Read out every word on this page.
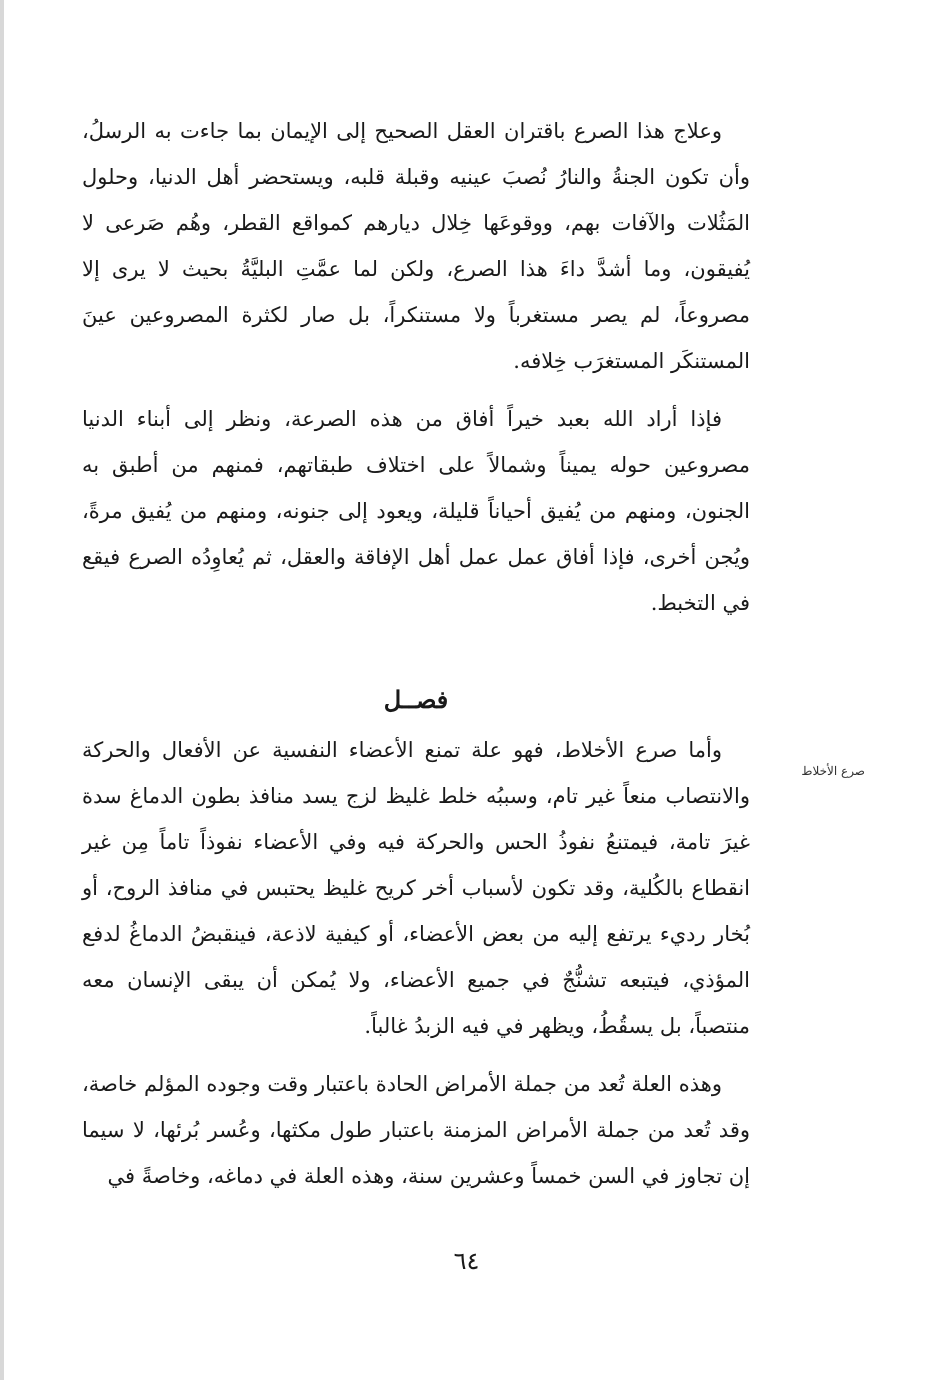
وعلاج هذا الصرع باقتران العقل الصحيح إلى الإيمان بما جاءت به الرسلُ، وأن تكون الجنةُ والنارُ نُصبَ عينيه وقبلة قلبه، ويستحضر أهل الدنيا، وحلول المَثُلات والآفات بهم، ووقوعَها خِلال ديارهم كمواقع القطر، وهُم صَرعى لا يُفيقون، وما أشدَّ داءَ هذا الصرع، ولكن لما عمَّتِ البليَّةُ بحيث لا يرى إلا مصروعاً، لم يصر مستغرباً ولا مستنكراً، بل صار لكثرة المصروعين عينَ المستنكَر المستغرَب خِلافه.

فإذا أراد الله بعبد خيراً أفاق من هذه الصرعة، ونظر إلى أبناء الدنيا مصروعين حوله يميناً وشمالاً على اختلاف طبقاتهم، فمنهم من أطبق به الجنون، ومنهم من يُفيق أحياناً قليلة، ويعود إلى جنونه، ومنهم من يُفيق مرةً، ويُجن أخرى، فإذا أفاق عمل عمل أهل الإفاقة والعقل، ثم يُعاوِدُه الصرع فيقع في التخبط.

فصــل
صرع الأخلاط

وأما صرع الأخلاط، فهو علة تمنع الأعضاء النفسية عن الأفعال والحركة والانتصاب منعاً غير تام، وسببُه خلط غليظ لزج يسد منافذ بطون الدماغ سدة غيرَ تامة، فيمتنعُ نفوذُ الحس والحركة فيه وفي الأعضاء نفوذاً تاماً مِن غير انقطاع بالكُلية، وقد تكون لأسباب أخر كريح غليظ يحتبس في منافذ الروح، أو بُخار رديء يرتفع إليه من بعض الأعضاء، أو كيفية لاذعة، فينقبضُ الدماغُ لدفع المؤذي، فيتبعه تشنُّجٌ في جميع الأعضاء، ولا يُمكن أن يبقى الإنسان معه منتصباً، بل يسقُطُ، ويظهر في فيه الزبدُ غالباً.

وهذه العلة تُعد من جملة الأمراض الحادة باعتبار وقت وجوده المؤلم خاصة، وقد تُعد من جملة الأمراض المزمنة باعتبار طول مكثها، وعُسر بُرئها، لا سيما إن تجاوز في السن خمساً وعشرين سنة، وهذه العلة في دماغه، وخاصةً في

٦٤
